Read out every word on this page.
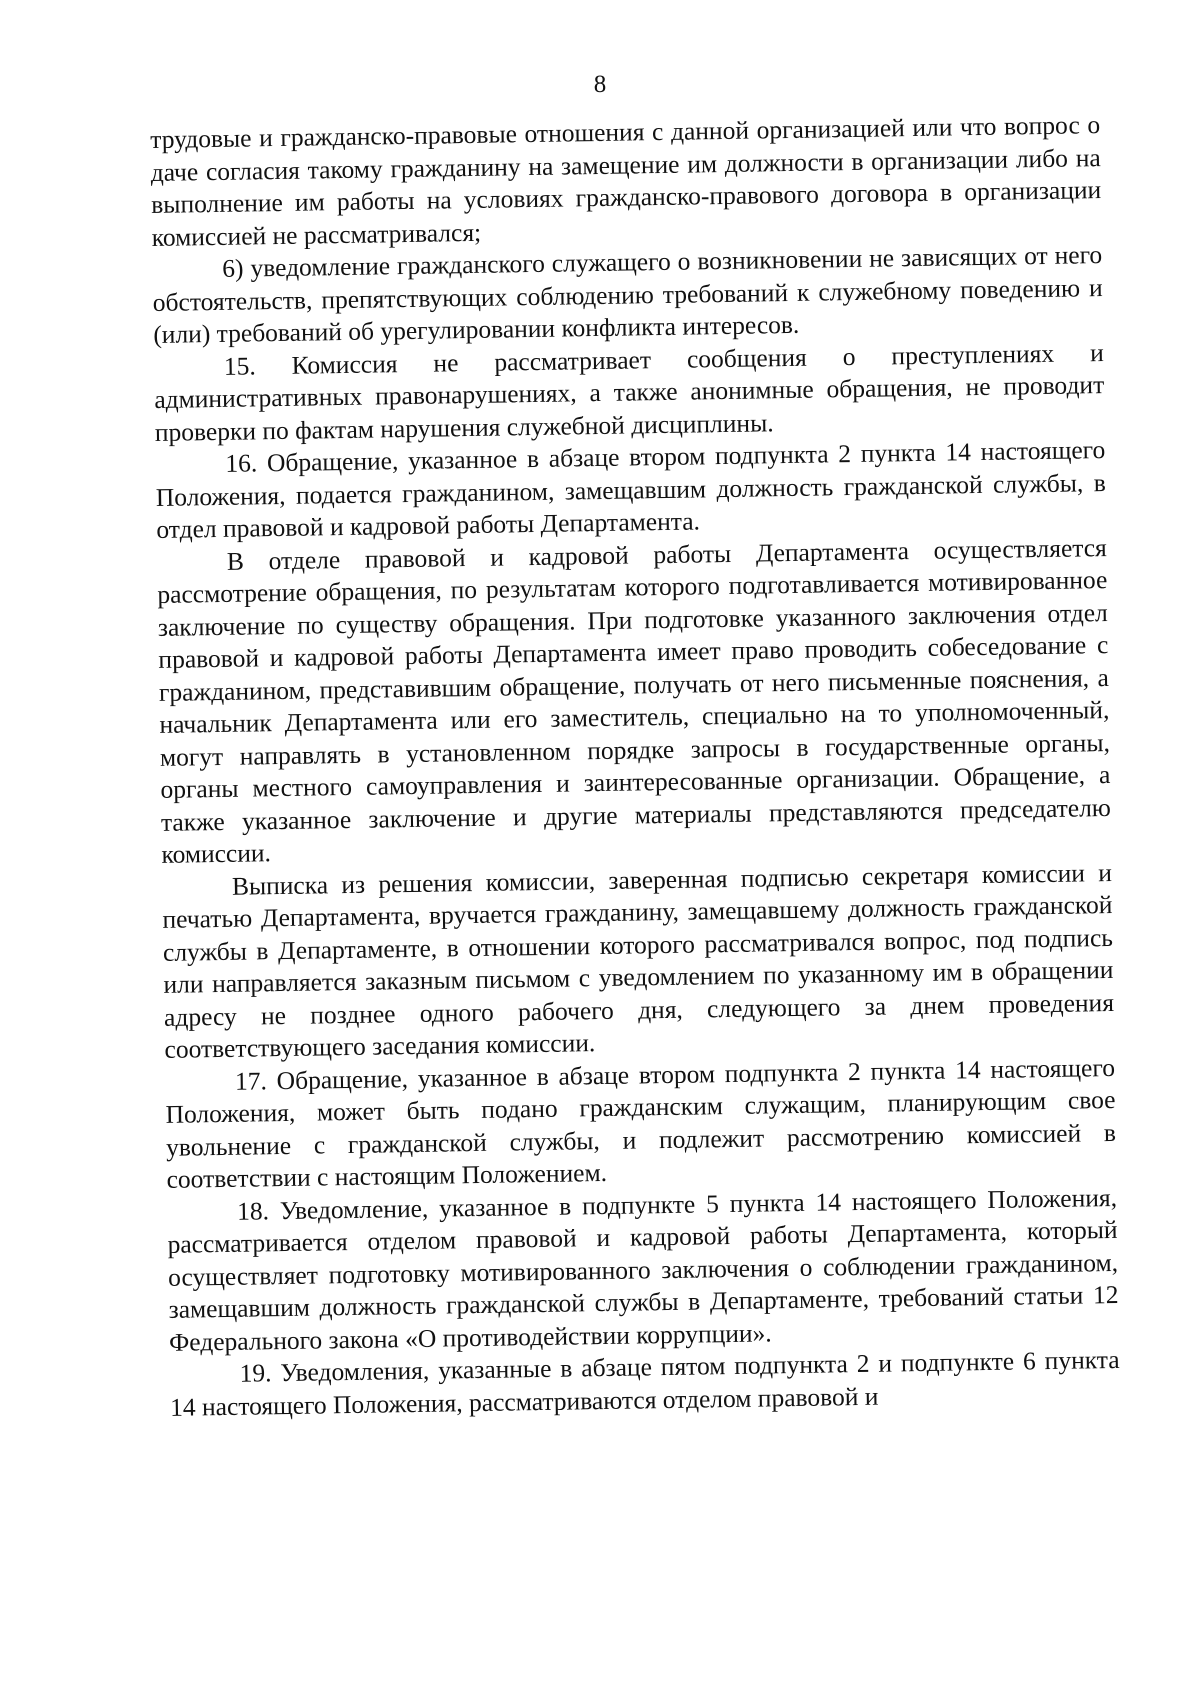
8

трудовые и гражданско-правовые отношения с данной организацией или что вопрос о даче согласия такому гражданину на замещение им должности в организации либо на выполнение им работы на условиях гражданско-правового договора в организации комиссией не рассматривался;

6) уведомление гражданского служащего о возникновении не зависящих от него обстоятельств, препятствующих соблюдению требований к служебному поведению и (или) требований об урегулировании конфликта интересов.

15. Комиссия не рассматривает сообщения о преступлениях и административных правонарушениях, а также анонимные обращения, не проводит проверки по фактам нарушения служебной дисциплины.

16. Обращение, указанное в абзаце втором подпункта 2 пункта 14 настоящего Положения, подается гражданином, замещавшим должность гражданской службы, в отдел правовой и кадровой работы Департамента.

В отделе правовой и кадровой работы Департамента осуществляется рассмотрение обращения, по результатам которого подготавливается мотивированное заключение по существу обращения. При подготовке указанного заключения отдел правовой и кадровой работы Департамента имеет право проводить собеседование с гражданином, представившим обращение, получать от него письменные пояснения, а начальник Департамента или его заместитель, специально на то уполномоченный, могут направлять в установленном порядке запросы в государственные органы, органы местного самоуправления и заинтересованные организации. Обращение, а также указанное заключение и другие материалы представляются председателю комиссии.

Выписка из решения комиссии, заверенная подписью секретаря комиссии и печатью Департамента, вручается гражданину, замещавшему должность гражданской службы в Департаменте, в отношении которого рассматривался вопрос, под подпись или направляется заказным письмом с уведомлением по указанному им в обращении адресу не позднее одного рабочего дня, следующего за днем проведения соответствующего заседания комиссии.

17. Обращение, указанное в абзаце втором подпункта 2 пункта 14 настоящего Положения, может быть подано гражданским служащим, планирующим свое увольнение с гражданской службы, и подлежит рассмотрению комиссией в соответствии с настоящим Положением.

18. Уведомление, указанное в подпункте 5 пункта 14 настоящего Положения, рассматривается отделом правовой и кадровой работы Департамента, который осуществляет подготовку мотивированного заключения о соблюдении гражданином, замещавшим должность гражданской службы в Департаменте, требований статьи 12 Федерального закона «О противодействии коррупции».

19. Уведомления, указанные в абзаце пятом подпункта 2 и подпункте 6 пункта 14 настоящего Положения, рассматриваются отделом правовой и
